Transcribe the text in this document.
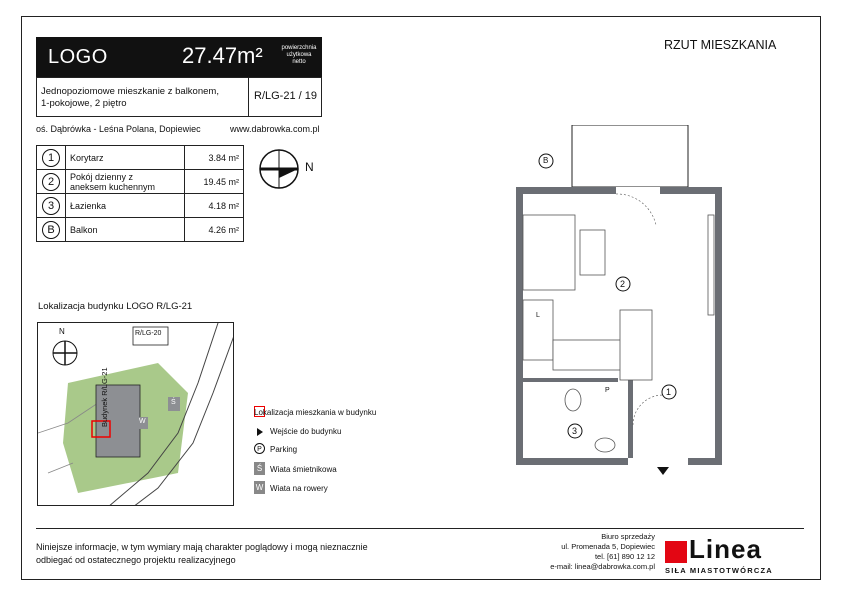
LOGO	27.47m²	powierzchnia
użytkowa
netto
Jednopoziomowe mieszkanie z balkonem,
1-pokojowe, 2 piętro
R/LG-21 / 19
oś. Dąbrówka - Leśna Polana, Dopiewiec	www.dabrowka.com.pl
RZUT MIESZKANIA
1	Korytarz	3.84 m²
2	Pokój dzienny z aneksem kuchennym	19.45 m²
3	Łazienka	4.18 m²
B	Balkon	4.26 m²
N
Lokalizacja budynku LOGO R/LG-21
N	R/LG-20
Budynek R/LG-21	Ś
W
Lokalizacja mieszkania w budynku
Wejście do budynku
P	Parking
Ś Wiata śmietnikowa
W Wiata na rowery
B
2
1
3
L
P
Niniejsze informacje, w tym wymiary mają charakter poglądowy i mogą nieznacznie
odbiegać od ostatecznego projektu realizacyjnego
Biuro sprzedaży
ul. Promenada 5, Dopiewiec
tel. [61] 890 12 12
e-mail: linea@dabrowka.com.pl
Linea
SIŁA MIASTOTWÓRCZA
